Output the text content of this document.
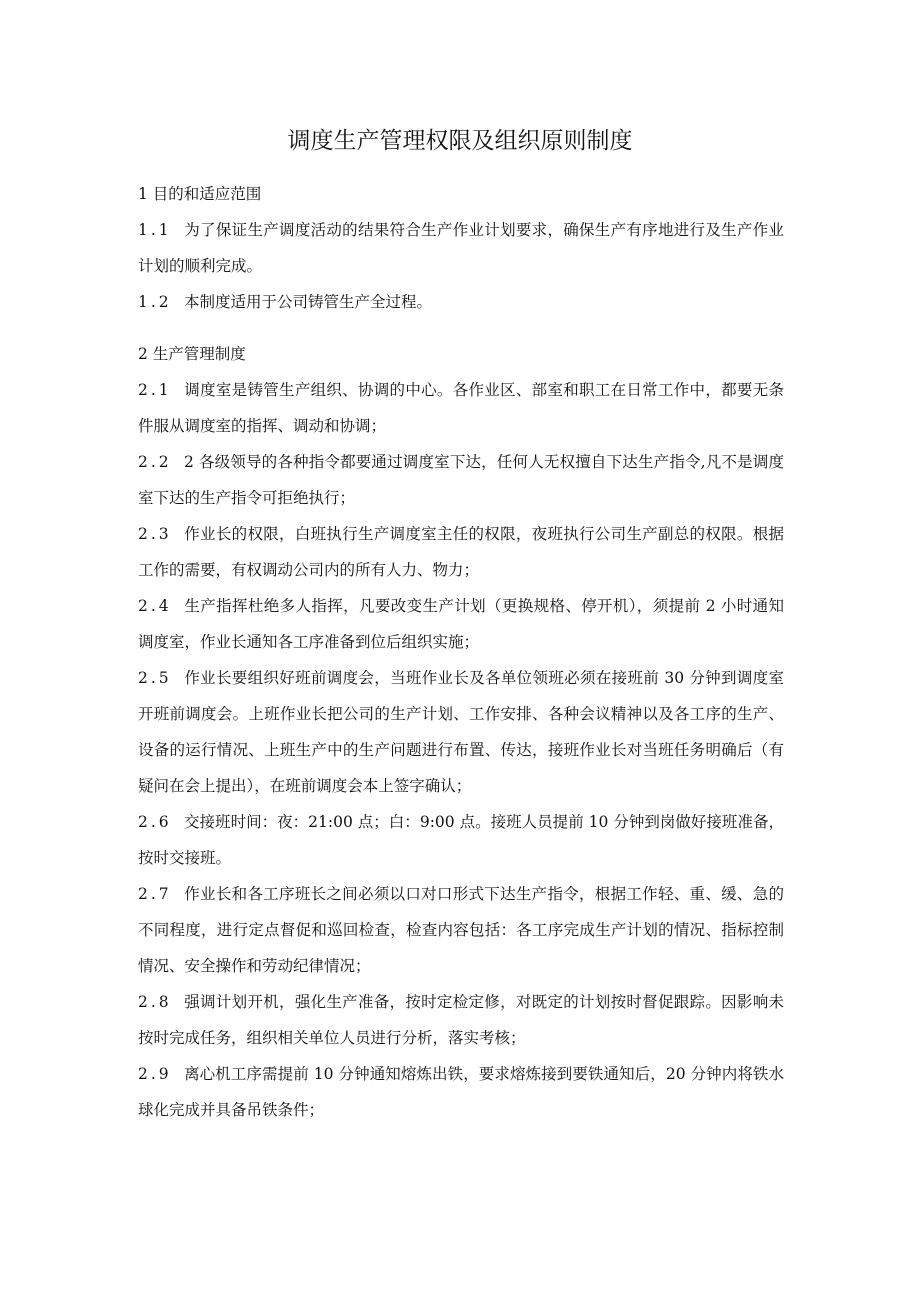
调度生产管理权限及组织原则制度

1 目的和适应范围

1.1 为了保证生产调度活动的结果符合生产作业计划要求，确保生产有序地进行及生产作业计划的顺利完成。

1.2 本制度适用于公司铸管生产全过程。

2 生产管理制度

2.1 调度室是铸管生产组织、协调的中心。各作业区、部室和职工在日常工作中，都要无条件服从调度室的指挥、调动和协调；

2.2 2 各级领导的各种指令都要通过调度室下达，任何人无权擅自下达生产指令,凡不是调度室下达的生产指令可拒绝执行；

2.3 作业长的权限，白班执行生产调度室主任的权限，夜班执行公司生产副总的权限。根据工作的需要，有权调动公司内的所有人力、物力；

2.4 生产指挥杜绝多人指挥，凡要改变生产计划（更换规格、停开机），须提前 2 小时通知调度室，作业长通知各工序准备到位后组织实施；

2.5 作业长要组织好班前调度会，当班作业长及各单位领班必须在接班前 30 分钟到调度室开班前调度会。上班作业长把公司的生产计划、工作安排、各种会议精神以及各工序的生产、设备的运行情况、上班生产中的生产问题进行布置、传达，接班作业长对当班任务明确后（有疑问在会上提出），在班前调度会本上签字确认；

2.6 交接班时间：夜：21:00 点；白：9:00 点。接班人员提前 10 分钟到岗做好接班准备，按时交接班。

2.7 作业长和各工序班长之间必须以口对口形式下达生产指令，根据工作轻、重、缓、急的不同程度，进行定点督促和巡回检查，检查内容包括：各工序完成生产计划的情况、指标控制情况、安全操作和劳动纪律情况；

2.8 强调计划开机，强化生产准备，按时定检定修，对既定的计划按时督促跟踪。因影响未按时完成任务，组织相关单位人员进行分析，落实考核；

2.9 离心机工序需提前 10 分钟通知熔炼出铁，要求熔炼接到要铁通知后，20 分钟内将铁水球化完成并具备吊铁条件；
